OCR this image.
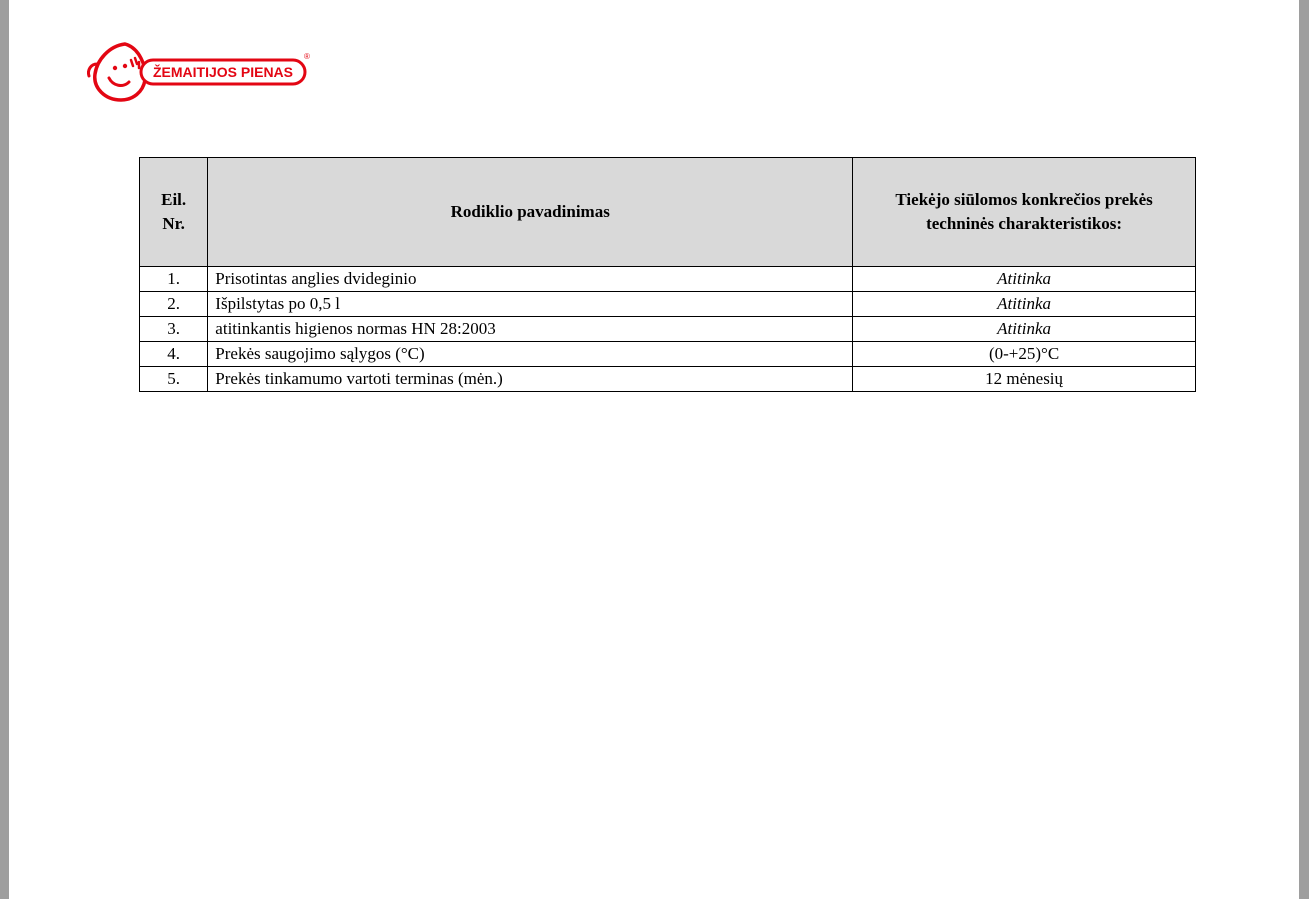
ŽEMAITIJOS PIENAS
®
Eil.
Nr.	Rodiklio pavadinimas	Tiekėjo siūlomos konkrečios prekės
techninės charakteristikos:
1.	Prisotintas anglies dvideginio	Atitinka
2.	Išpilstytas po 0,5 l	Atitinka
3.	atitinkantis higienos normas HN 28:2003	Atitinka
4.	Prekės saugojimo sąlygos (°C)	(0-+25)°C
5.	Prekės tinkamumo vartoti terminas (mėn.)	12 mėnesių
